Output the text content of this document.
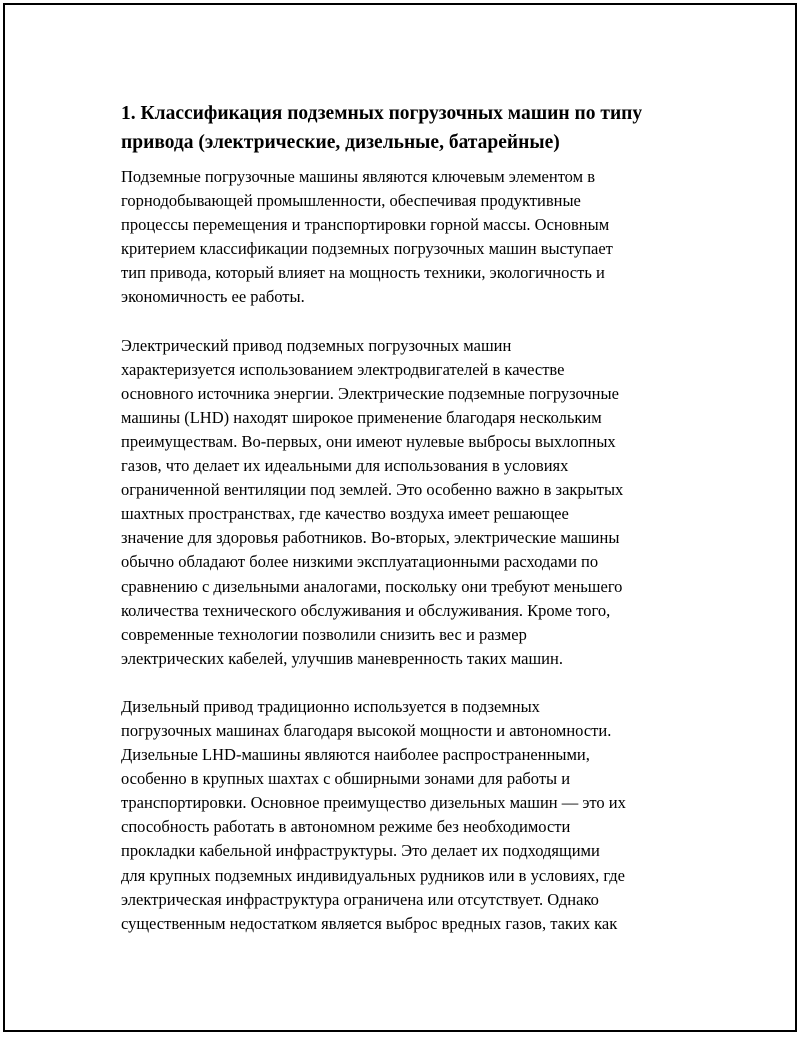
1. Классификация подземных погрузочных машин по типу
привода (электрические, дизельные, батарейные)

Подземные погрузочные машины являются ключевым элементом в
горнодобывающей промышленности, обеспечивая продуктивные
процессы перемещения и транспортировки горной массы. Основным
критерием классификации подземных погрузочных машин выступает
тип привода, который влияет на мощность техники, экологичность и
экономичность ее работы.

Электрический привод подземных погрузочных машин
характеризуется использованием электродвигателей в качестве
основного источника энергии. Электрические подземные погрузочные
машины (LHD) находят широкое применение благодаря нескольким
преимуществам. Во-первых, они имеют нулевые выбросы выхлопных
газов, что делает их идеальными для использования в условиях
ограниченной вентиляции под землей. Это особенно важно в закрытых
шахтных пространствах, где качество воздуха имеет решающее
значение для здоровья работников. Во-вторых, электрические машины
обычно обладают более низкими эксплуатационными расходами по
сравнению с дизельными аналогами, поскольку они требуют меньшего
количества технического обслуживания и обслуживания. Кроме того,
современные технологии позволили снизить вес и размер
электрических кабелей, улучшив маневренность таких машин.

Дизельный привод традиционно используется в подземных
погрузочных машинах благодаря высокой мощности и автономности.
Дизельные LHD-машины являются наиболее распространенными,
особенно в крупных шахтах с обширными зонами для работы и
транспортировки. Основное преимущество дизельных машин — это их
способность работать в автономном режиме без необходимости
прокладки кабельной инфраструктуры. Это делает их подходящими
для крупных подземных индивидуальных рудников или в условиях, где
электрическая инфраструктура ограничена или отсутствует. Однако
существенным недостатком является выброс вредных газов, таких как
